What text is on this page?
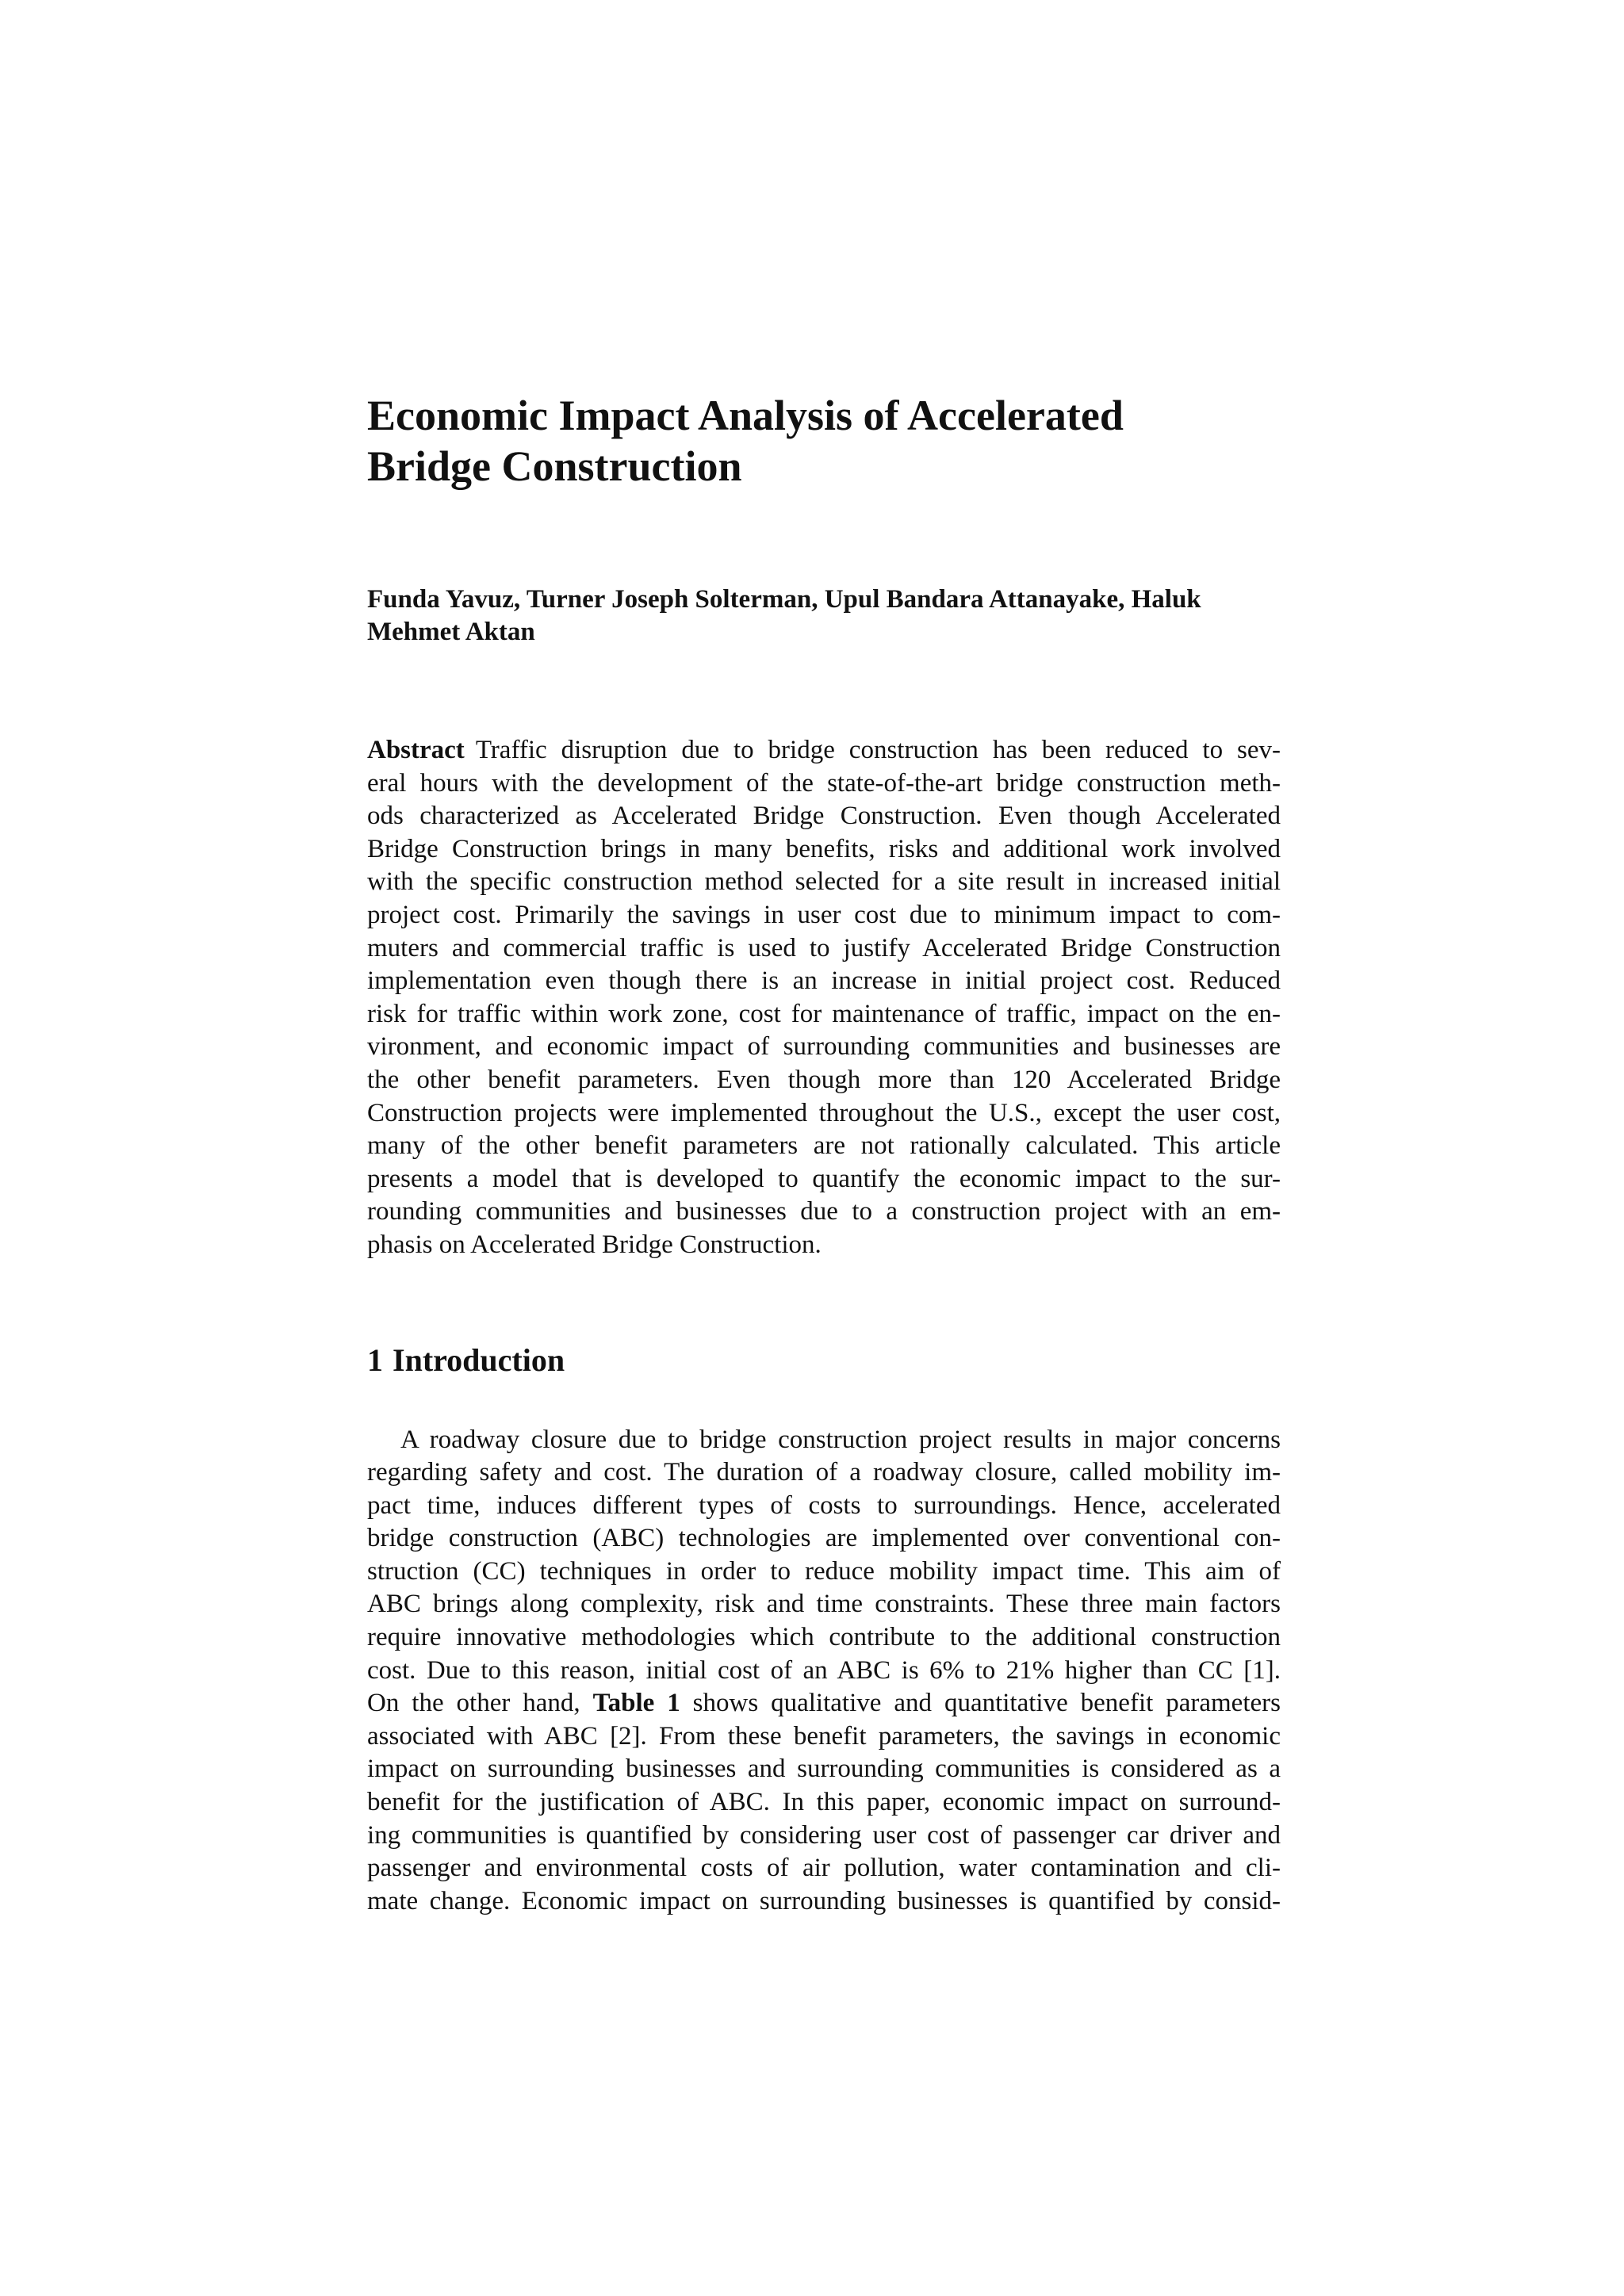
Economic Impact Analysis of Accelerated
Bridge Construction
Funda Yavuz, Turner Joseph Solterman, Upul Bandara Attanayake, Haluk
Mehmet Aktan
Abstract Traffic disruption due to bridge construction has been reduced to sev-
eral hours with the development of the state-of-the-art bridge construction meth-
ods characterized as Accelerated Bridge Construction. Even though Accelerated
Bridge Construction brings in many benefits, risks and additional work involved
with the specific construction method selected for a site result in increased initial
project cost. Primarily the savings in user cost due to minimum impact to com-
muters and commercial traffic is used to justify Accelerated Bridge Construction
implementation even though there is an increase in initial project cost. Reduced
risk for traffic within work zone, cost for maintenance of traffic, impact on the en-
vironment, and economic impact of surrounding communities and businesses are
the other benefit parameters. Even though more than 120 Accelerated Bridge
Construction projects were implemented throughout the U.S., except the user cost,
many of the other benefit parameters are not rationally calculated. This article
presents a model that is developed to quantify the economic impact to the sur-
rounding communities and businesses due to a construction project with an em-
phasis on Accelerated Bridge Construction.
1 Introduction
A roadway closure due to bridge construction project results in major concerns
regarding safety and cost. The duration of a roadway closure, called mobility im-
pact time, induces different types of costs to surroundings. Hence, accelerated
bridge construction (ABC) technologies are implemented over conventional con-
struction (CC) techniques in order to reduce mobility impact time. This aim of
ABC brings along complexity, risk and time constraints. These three main factors
require innovative methodologies which contribute to the additional construction
cost. Due to this reason, initial cost of an ABC is 6% to 21% higher than CC [1].
On the other hand, Table 1 shows qualitative and quantitative benefit parameters
associated with ABC [2]. From these benefit parameters, the savings in economic
impact on surrounding businesses and surrounding communities is considered as a
benefit for the justification of ABC. In this paper, economic impact on surround-
ing communities is quantified by considering user cost of passenger car driver and
passenger and environmental costs of air pollution, water contamination and cli-
mate change. Economic impact on surrounding businesses is quantified by consid-
